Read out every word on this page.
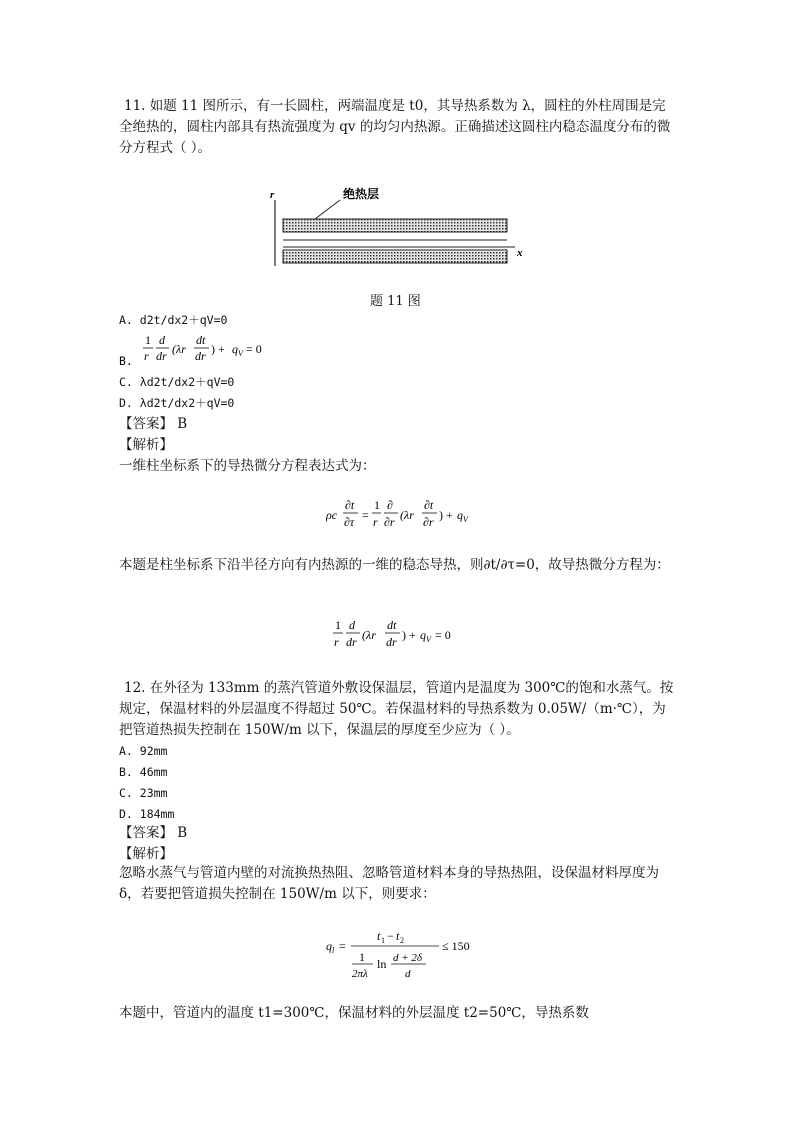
11. 如题 11 图所示，有一长圆柱，两端温度是 t0，其导热系数为 λ，圆柱的外柱周围是完全绝热的，圆柱内部具有热流强度为 qv 的均匀内热源。正确描述这圆柱内稳态温度分布的微分方程式（ ）。

r
x
绝热层
题 11 图
A. d2t/dx2＋qV=0
B.
1
r
d
dr (λr
dt
dr ) + q V = 0
C. λd2t/dx2＋qV=0
D. λd2t/dx2＋qV=0
【答案】 B
【解析】
一维柱坐标系下的导热微分方程表达式为：
ρc
∂t
∂τ =
1
r
∂
∂r (λr
∂t
∂r ) + q V

本题是柱坐标系下沿半径方向有内热源的一维的稳态导热，则∂t/∂τ=0，故导热微分方程为：

1
r
d
dr (λr
dt
dr ) + q V = 0

12. 在外径为 133mm 的蒸汽管道外敷设保温层，管道内是温度为 300℃的饱和水蒸气。按规定，保温材料的外层温度不得超过 50℃。若保温材料的导热系数为 0.05W/（m·℃），为把管道热损失控制在 150W/m 以下，保温层的厚度至少应为（ ）。

A. 92mm
B. 46mm
C. 23mm
D. 184mm
【答案】 B
【解析】

忽略水蒸气与管道内壁的对流换热热阻、忽略管道材料本身的导热热阻，设保温材料厚度为 δ，若要把管道损失控制在 150W/m 以下，则要求：

q l =
t 1 − t 2
1
2πλ
ln d + 2δ
d
≤ 150

本题中，管道内的温度 t1=300℃，保温材料的外层温度 t2=50℃，导热系数
